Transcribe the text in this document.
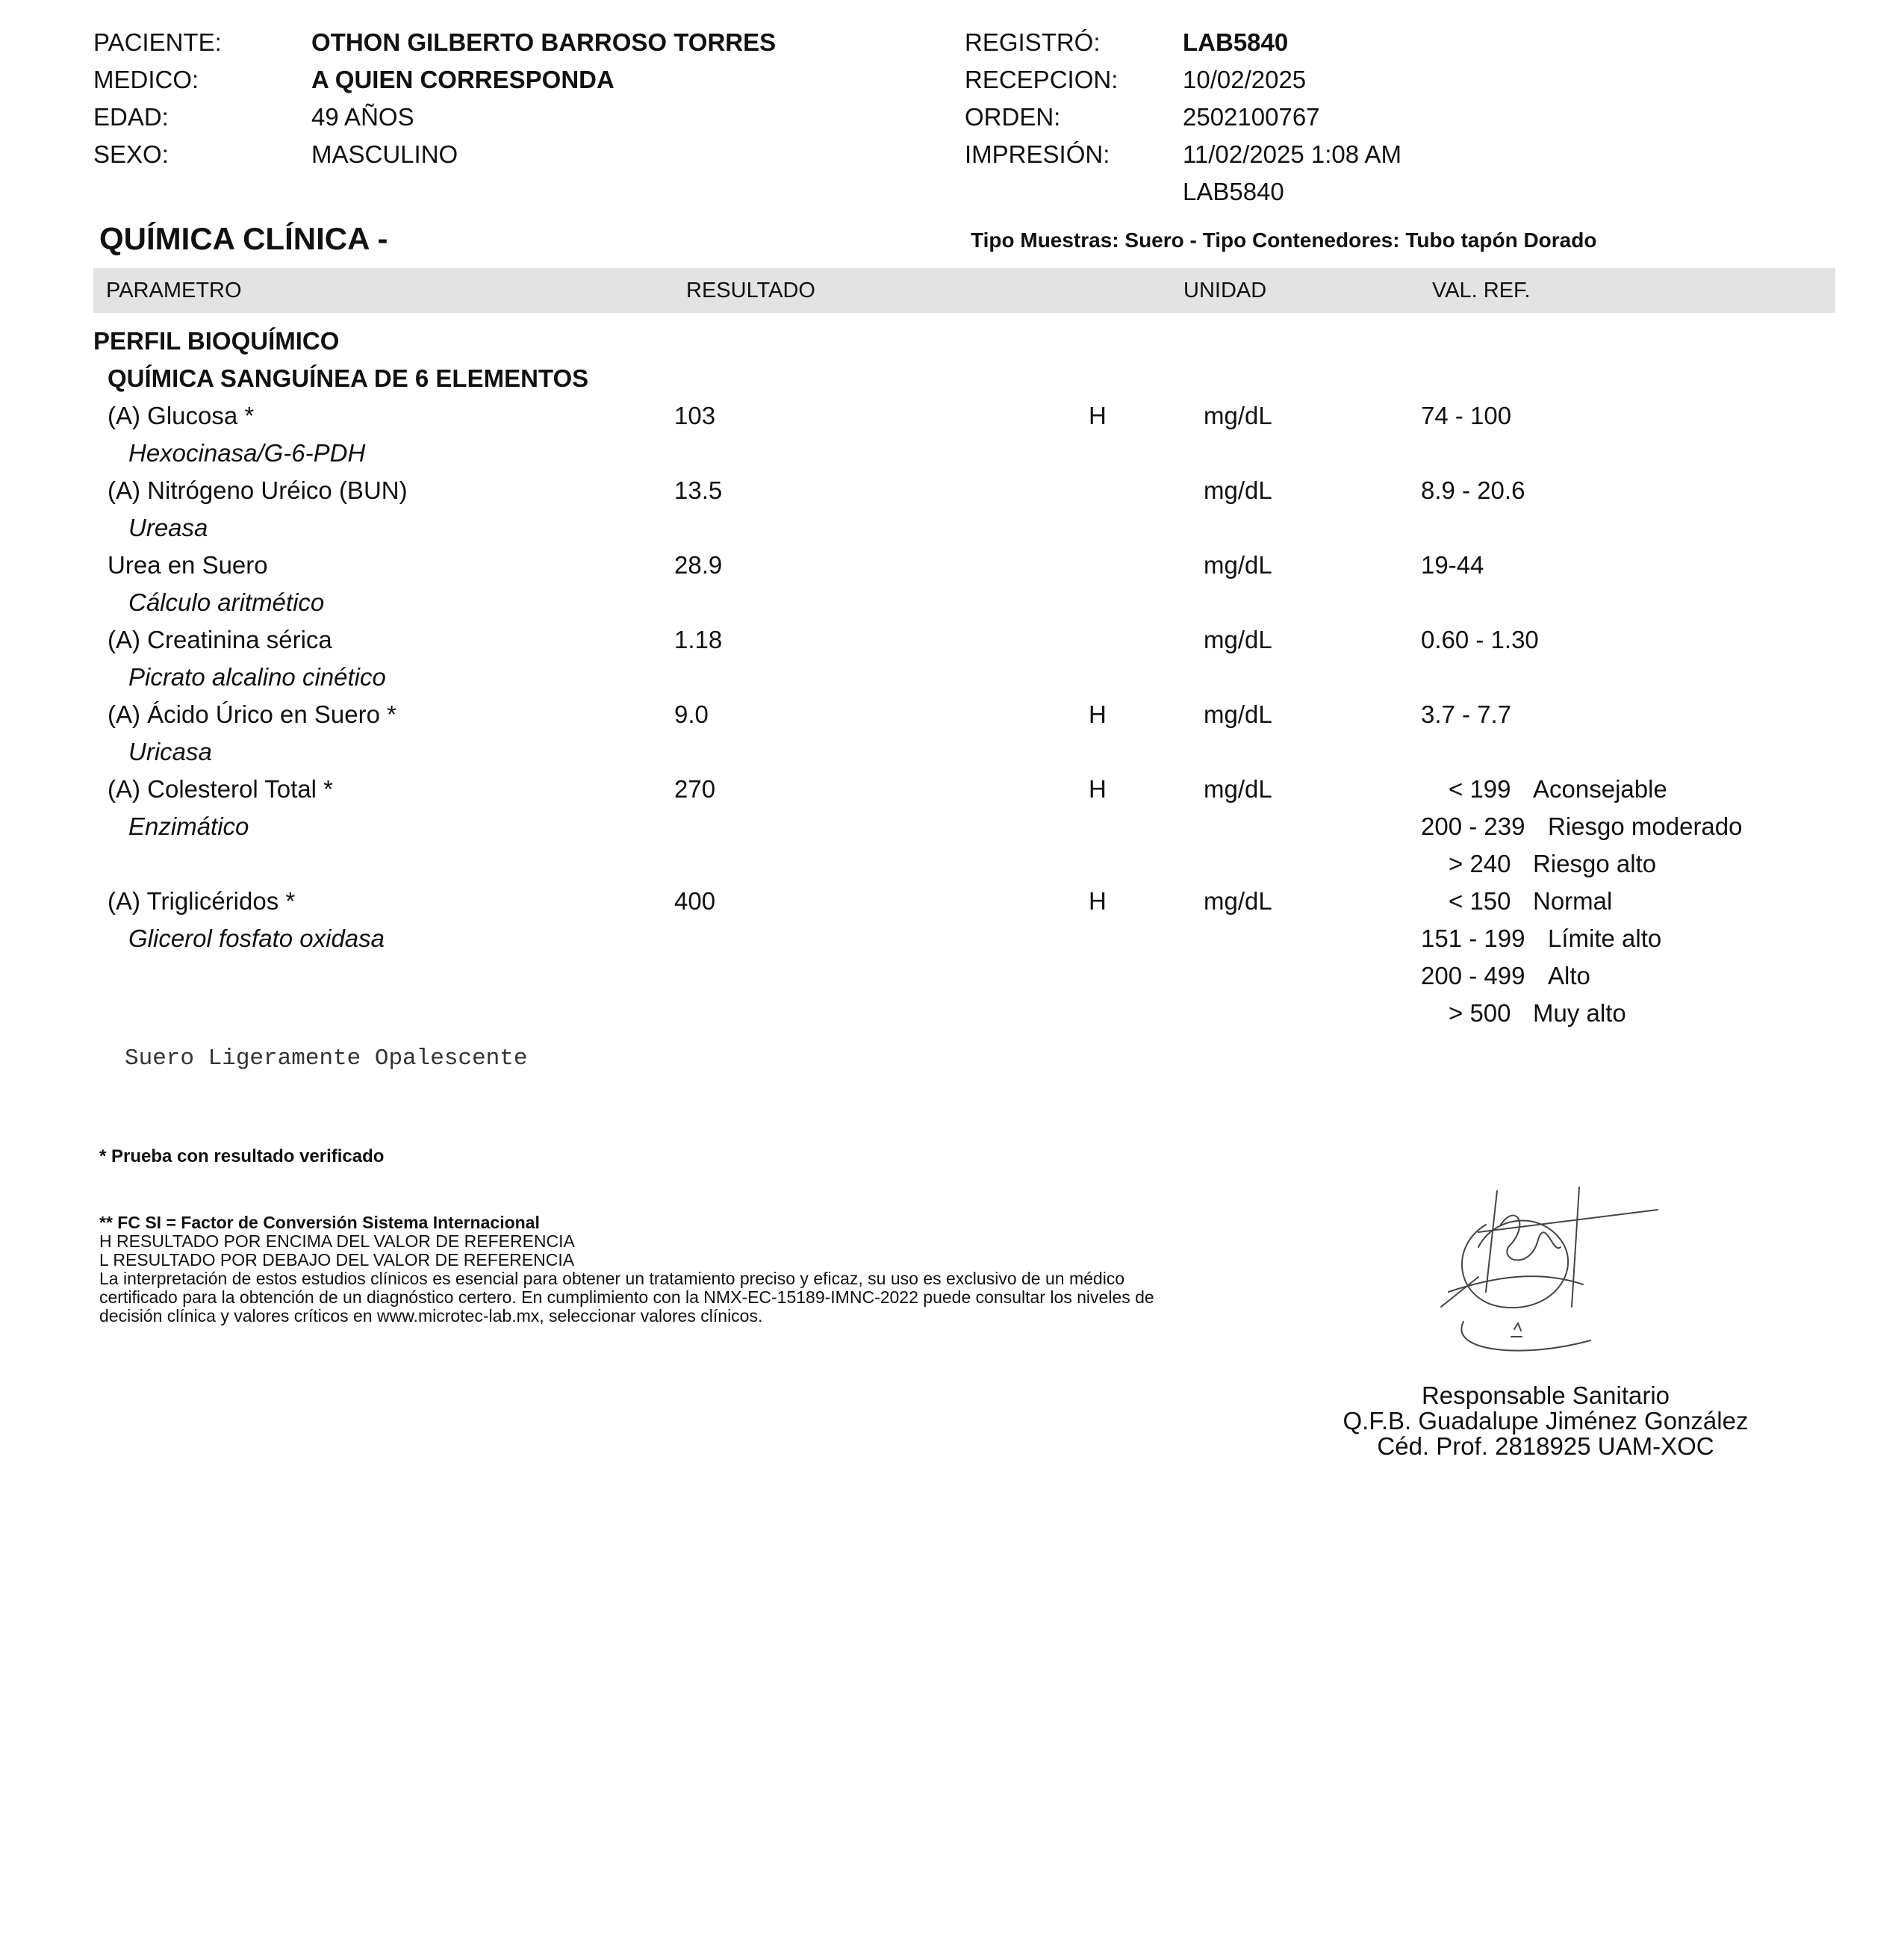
PACIENTE:	OTHON GILBERTO BARROSO TORRES
MEDICO:	A QUIEN CORRESPONDA
EDAD:	49 AÑOS
SEXO:	MASCULINO
REGISTRÓ:	LAB5840
RECEPCION:	10/02/2025
ORDEN:	2502100767
IMPRESIÓN:	11/02/2025 1:08 AM
LAB5840
QUÍMICA CLÍNICA -	Tipo Muestras: Suero - Tipo Contenedores: Tubo tapón Dorado
PARAMETRO	RESULTADO	UNIDAD	VAL. REF.
PERFIL BIOQUÍMICO
QUÍMICA SANGUÍNEA DE 6 ELEMENTOS
(A) Glucosa *
Hexocinasa/G-6-PDH
103	H	mg/dL	74 - 100
(A) Nitrógeno Uréico (BUN)
Ureasa
13.5	mg/dL	8.9 - 20.6
Urea en Suero
Cálculo aritmético
28.9	mg/dL	19-44
(A) Creatinina sérica
Picrato alcalino cinético
1.18	mg/dL	0.60 - 1.30
(A) Ácido Úrico en Suero *
Uricasa
9.0	H	mg/dL	3.7 - 7.7
(A) Colesterol Total *
Enzimático
270	H	mg/dL	< 199 Aconsejable
200 - 239 Riesgo moderado
> 240 Riesgo alto
(A) Triglicéridos *
Glicerol fosfato oxidasa
400	H	mg/dL	< 150 Normal
151 - 199 Límite alto
200 - 499 Alto
> 500 Muy alto
Suero Ligeramente Opalescente
* Prueba con resultado verificado
** FC SI = Factor de Conversión Sistema Internacional
H RESULTADO POR ENCIMA DEL VALOR DE REFERENCIA
L RESULTADO POR DEBAJO DEL VALOR DE REFERENCIA
La interpretación de estos estudios clínicos es esencial para obtener un tratamiento preciso y eficaz, su uso es exclusivo de un médico
certificado para la obtención de un diagnóstico certero. En cumplimiento con la NMX-EC-15189-IMNC-2022 puede consultar los niveles de
decisión clínica y valores críticos en www.microtec-lab.mx, seleccionar valores clínicos.
Responsable Sanitario
Q.F.B. Guadalupe Jiménez González
Céd. Prof. 2818925 UAM-XOC
